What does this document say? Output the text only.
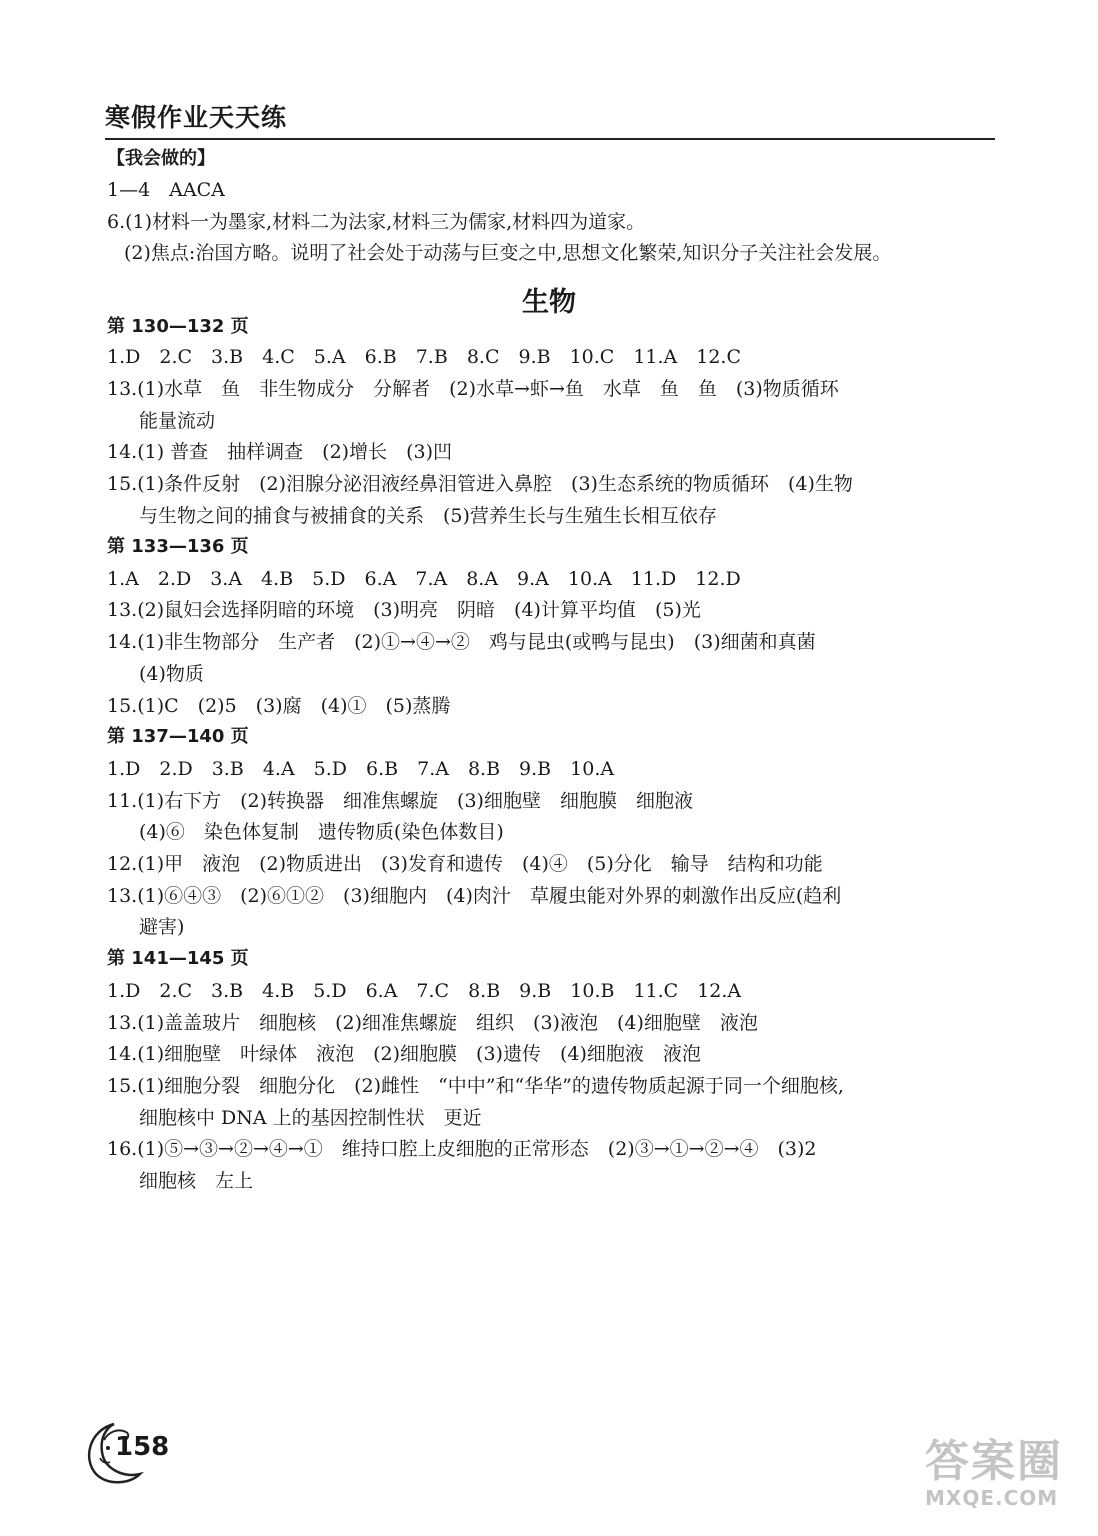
寒假作业天天练
【我会做的】
1—4　AACA
6.(1)材料一为墨家,材料二为法家,材料三为儒家,材料四为道家。
(2)焦点:治国方略。说明了社会处于动荡与巨变之中,思想文化繁荣,知识分子关注社会发展。
生物
第 130—132 页
1.D　2.C　3.B　4.C　5.A　6.B　7.B　8.C　9.B　10.C　11.A　12.C
13.(1)水草　鱼　非生物成分　分解者　(2)水草→虾→鱼　水草　鱼　鱼　(3)物质循环
能量流动
14.(1) 普查　抽样调查　(2)增长　(3)凹
15.(1)条件反射　(2)泪腺分泌泪液经鼻泪管进入鼻腔　(3)生态系统的物质循环　(4)生物
与生物之间的捕食与被捕食的关系　(5)营养生长与生殖生长相互依存
第 133—136 页
1.A　2.D　3.A　4.B　5.D　6.A　7.A　8.A　9.A　10.A　11.D　12.D
13.(2)鼠妇会选择阴暗的环境　(3)明亮　阴暗　(4)计算平均值　(5)光
14.(1)非生物部分　生产者　(2)①→④→②　鸡与昆虫(或鸭与昆虫)　(3)细菌和真菌
(4)物质
15.(1)C　(2)5　(3)腐　(4)①　(5)蒸腾
第 137—140 页
1.D　2.D　3.B　4.A　5.D　6.B　7.A　8.B　9.B　10.A
11.(1)右下方　(2)转换器　细准焦螺旋　(3)细胞壁　细胞膜　细胞液
(4)⑥　染色体复制　遗传物质(染色体数目)
12.(1)甲　液泡　(2)物质进出　(3)发育和遗传　(4)④　(5)分化　输导　结构和功能
13.(1)⑥④③　(2)⑥①②　(3)细胞内　(4)肉汁　草履虫能对外界的刺激作出反应(趋利
避害)
第 141—145 页
1.D　2.C　3.B　4.B　5.D　6.A　7.C　8.B　9.B　10.B　11.C　12.A
13.(1)盖盖玻片　细胞核　(2)细准焦螺旋　组织　(3)液泡　(4)细胞壁　液泡
14.(1)细胞壁　叶绿体　液泡　(2)细胞膜　(3)遗传　(4)细胞液　液泡
15.(1)细胞分裂　细胞分化　(2)雌性　“中中”和“华华”的遗传物质起源于同一个细胞核,
细胞核中 DNA 上的基因控制性状　更近
16.(1)⑤→③→②→④→①　维持口腔上皮细胞的正常形态　(2)③→①→②→④　(3)2
细胞核　左上
158	答案圈
MXQE.COM
